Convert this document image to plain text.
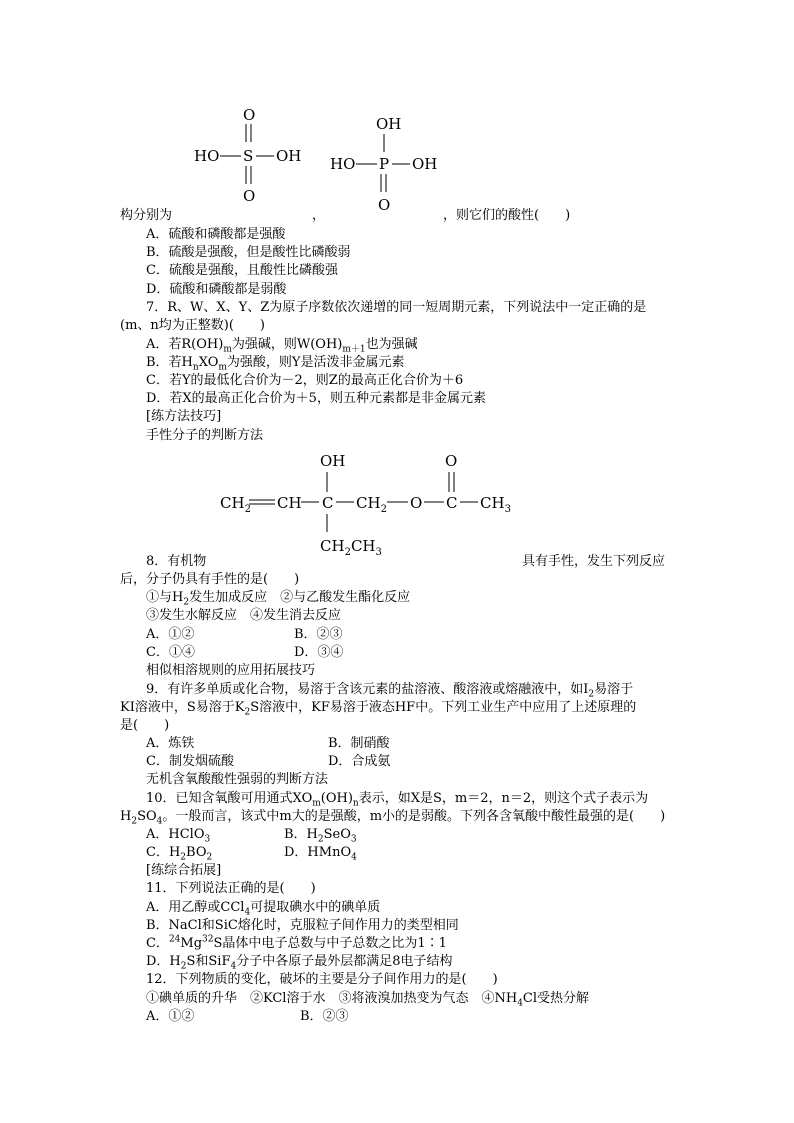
O
HO S OH
O
OH
HO P OH
O
构分别为	，	，则它们的酸性(　　)
A．硫酸和磷酸都是强酸
B．硫酸是强酸，但是酸性比磷酸弱
C．硫酸是强酸，且酸性比磷酸强
D．硫酸和磷酸都是弱酸
7．R、W、X、Y、Z为原子序数依次递增的同一短周期元素，下列说法中一定正确的是
(m、n均为正整数)(　　)
A．若$R(OH)_m$为强碱，则$W(OH)_{m+1}$也为强碱
B．若$H_nXO_m$为强酸，则Y是活泼非金属元素
C．若Y的最低化合价为－2，则Z的最高正化合价为＋6
D．若X的最高正化合价为＋5，则五种元素都是非金属元素
[练方法技巧]
手性分子的判断方法
$CH_2$ CH C
OH
$CH_2CH_3$
$CH_2$ O C
O
$CH_3$
8．有机物	具有手性，发生下列反应
后，分子仍具有手性的是(　　)
①与$H_2$发生加成反应　②与乙酸发生酯化反应
③发生水解反应　④发生消去反应
A．①②	B．②③
C．①④	D．③④
相似相溶规则的应用拓展技巧
9．有许多单质或化合物，易溶于含该元素的盐溶液、酸溶液或熔融液中，如$I_2$易溶于
KI溶液中，S易溶于$K_2S$溶液中，KF易溶于液态HF中。下列工业生产中应用了上述原理的
是(　　)
A．炼铁	B．制硝酸
C．制发烟硫酸	D．合成氨
无机含氧酸酸性强弱的判断方法
10．已知含氧酸可用通式$XO_m(OH)_n$表示，如X是S，m＝2，n＝2，则这个式子表示为
$H_2SO_4$。一般而言，该式中m大的是强酸，m小的是弱酸。下列各含氧酸中酸性最强的是(　　)
A．HClO$_3$	B．$H_2SeO_3$
C．$H_2BO_2$	D．HMnO$_4$
[练综合拓展]
11．下列说法正确的是(　　)
A．用乙醇或CCl$_4$可提取碘水中的碘单质
B．NaCl和SiC熔化时，克服粒子间作用力的类型相同
C．$^{24}$Mg$^{32}$S晶体中电子总数与中子总数之比为1∶1
D．$H_2S$和SiF$_4$分子中各原子最外层都满足8电子结构
12．下列物质的变化，破坏的主要是分子间作用力的是(　　)
①碘单质的升华　②KCl溶于水　③将液溴加热变为气态　$④NH_4Cl$受热分解
A．①②	B．②③
